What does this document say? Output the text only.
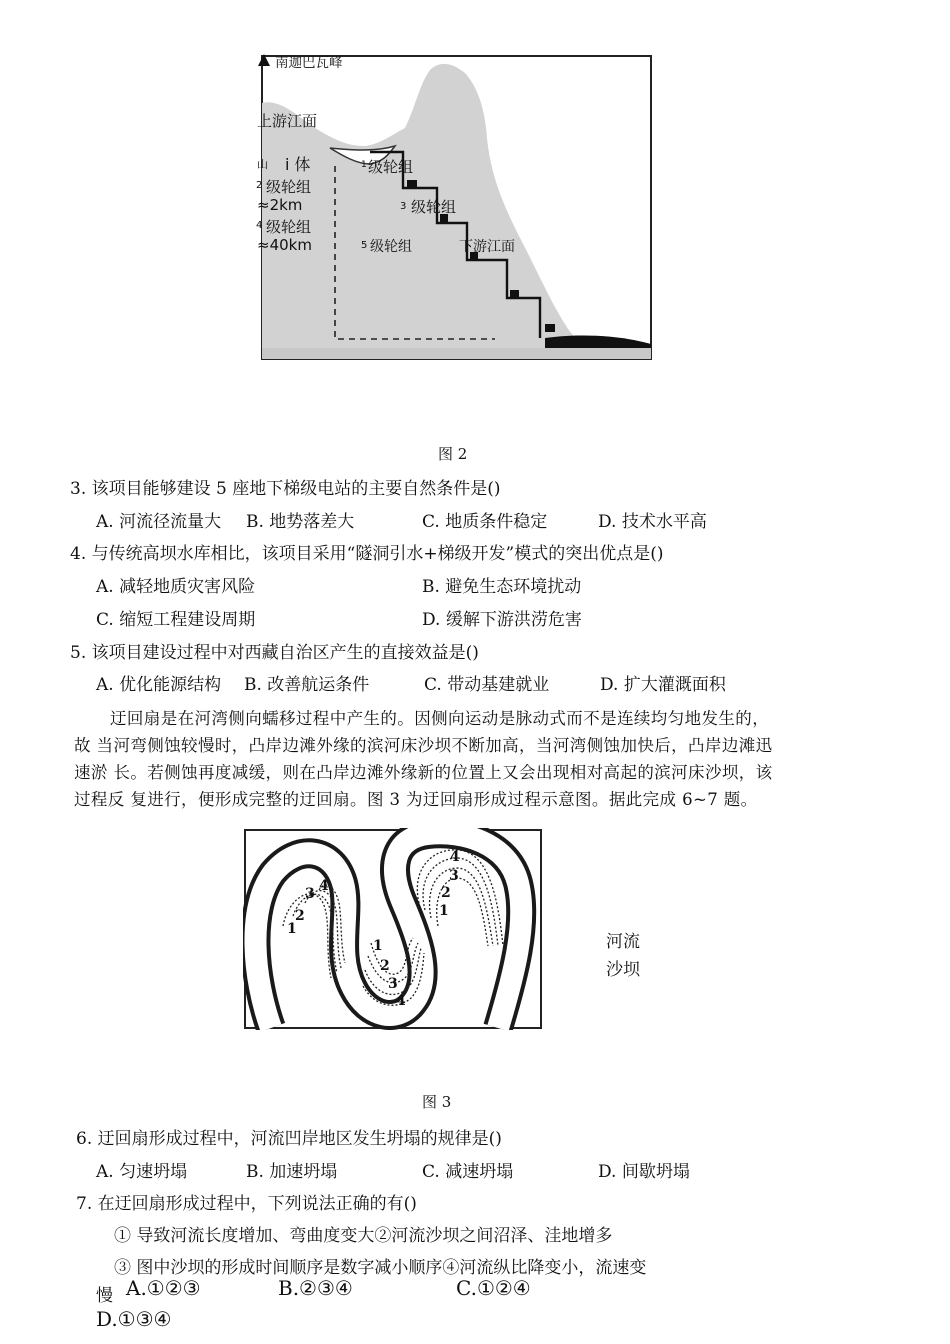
南迦巴瓦峰
上游江面
山 i 体	1 级轮组
2 级轮组
≈2km	3 级轮组
4 级轮组
≈40km	5 级轮组	下游江面
图 2
3. 该项目能够建设 5 座地下梯级电站的主要自然条件是()
A. 河流径流量大 B. 地势落差大	C. 地质条件稳定	D. 技术水平高
4. 与传统高坝水库相比，该项目采用“隧洞引水+梯级开发”模式的突出优点是()
A. 减轻地质灾害风险	B. 避免生态环境扰动
C. 缩短工程建设周期	D. 缓解下游洪涝危害
5. 该项目建设过程中对西藏自治区产生的直接效益是()
A. 优化能源结构 B. 改善航运条件	C. 带动基建就业	D. 扩大灌溉面积
迂回扇是在河湾侧向蠕移过程中产生的。因侧向运动是脉动式而不是连续均匀地发生的，
故 当河弯侧蚀较慢时，凸岸边滩外缘的滨河床沙坝不断加高，当河湾侧蚀加快后，凸岸边滩迅
速淤 长。若侧蚀再度减缓，则在凸岸边滩外缘新的位置上又会出现相对高起的滨河床沙坝，该
过程反 复进行，便形成完整的迂回扇。图 3 为迂回扇形成过程示意图。据此完成 6~7 题。
1
2
3 4
1
2
3
4
1
2
3
4
河流
沙坝
图 3
6. 迂回扇形成过程中，河流凹岸地区发生坍塌的规律是()
A. 匀速坍塌	B. 加速坍塌	C. 减速坍塌	D. 间歇坍塌
7. 在迂回扇形成过程中，下列说法正确的有()
① 导致河流长度增加、弯曲度变大②河流沙坝之间沼泽、洼地增多
③ 图中沙坝的形成时间顺序是数字减小顺序④河流纵比降变小，流速变
慢 A.①②③	B.②③④	C.①②④
D.①③④
